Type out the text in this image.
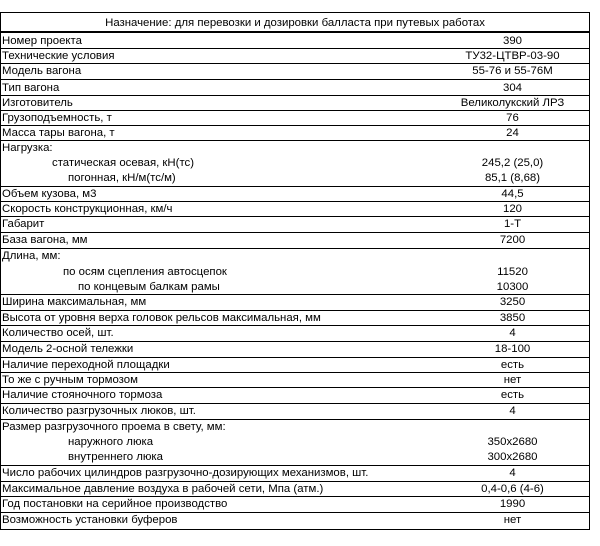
Назначение: для перевозки и дозировки балласта при путевых работах
Номер проекта	390
Технические условия	ТУ32-ЦТВР-03-90
Модель вагона	55-76 и 55-76М
Тип вагона	304
Изготовитель	Великолукский ЛРЗ
Грузоподъемность, т	76
Масса тары вагона, т	24
Нагрузка:
статическая осевая, кН(тс)	245,2 (25,0)
погонная, кН/м(тс/м)	85,1 (8,68)
Объем кузова, м3	44,5
Скорость конструкционная, км/ч	120
Габарит	1-Т
База вагона, мм	7200
Длина, мм:
по осям сцепления автосцепок	11520
по концевым балкам рамы	10300
Ширина максимальная, мм	3250
Высота от уровня верха головок рельсов максимальная, мм	3850
Количество осей, шт.	4
Модель 2-осной тележки	18-100
Наличие переходной площадки	есть
То же с ручным тормозом	нет
Наличие стояночного тормоза	есть
Количество разгрузочных люков, шт.	4
Размер разгрузочного проема в свету, мм:
наружного люка	350x2680
внутреннего люка	300x2680
Число рабочих цилиндров разгрузочно-дозирующих механизмов, шт.	4
Максимальное давление воздуха в рабочей сети, Мпа (атм.)	0,4-0,6 (4-6)
Год постановки на серийное производство	1990
Возможность установки буферов	нет
